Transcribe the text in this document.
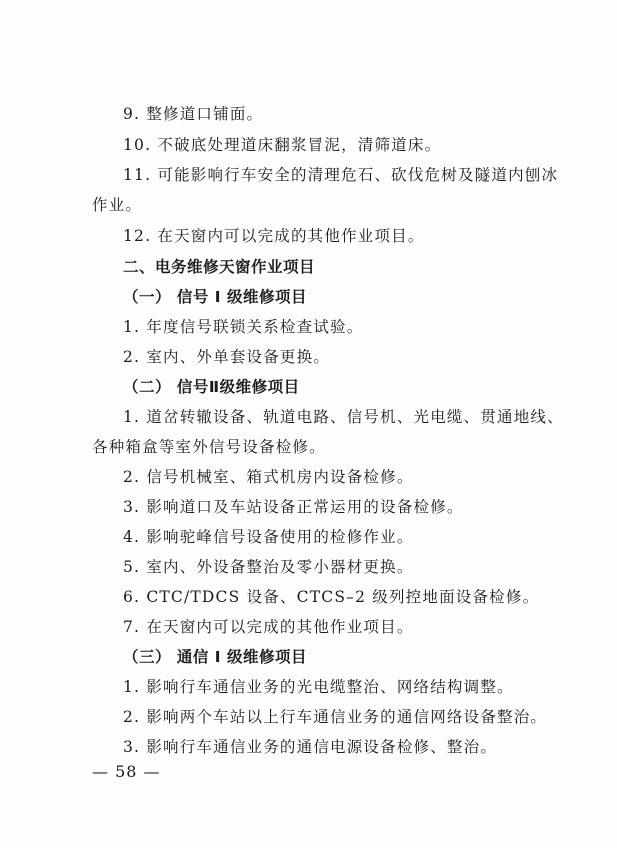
9. 整修道口铺面。
10. 不破底处理道床翻浆冒泥，清筛道床。
11. 可能影响行车安全的清理危石、砍伐危树及隧道内刨冰
作业。
12. 在天窗内可以完成的其他作业项目。
二、电务维修天窗作业项目
（一） 信号 I 级维修项目
1. 年度信号联锁关系检查试验。
2. 室内、外单套设备更换。
（二） 信号Ⅱ级维修项目
1. 道岔转辙设备、轨道电路、信号机、光电缆、贯通地线、
各种箱盒等室外信号设备检修。
2. 信号机械室、箱式机房内设备检修。
3. 影响道口及车站设备正常运用的设备检修。
4. 影响驼峰信号设备使用的检修作业。
5. 室内、外设备整治及零小器材更换。
6. CTC/TDCS 设备、CTCS–2 级列控地面设备检修。
7. 在天窗内可以完成的其他作业项目。
（三） 通信 I 级维修项目
1. 影响行车通信业务的光电缆整治、网络结构调整。
2. 影响两个车站以上行车通信业务的通信网络设备整治。
3. 影响行车通信业务的通信电源设备检修、整治。
— 58 —
